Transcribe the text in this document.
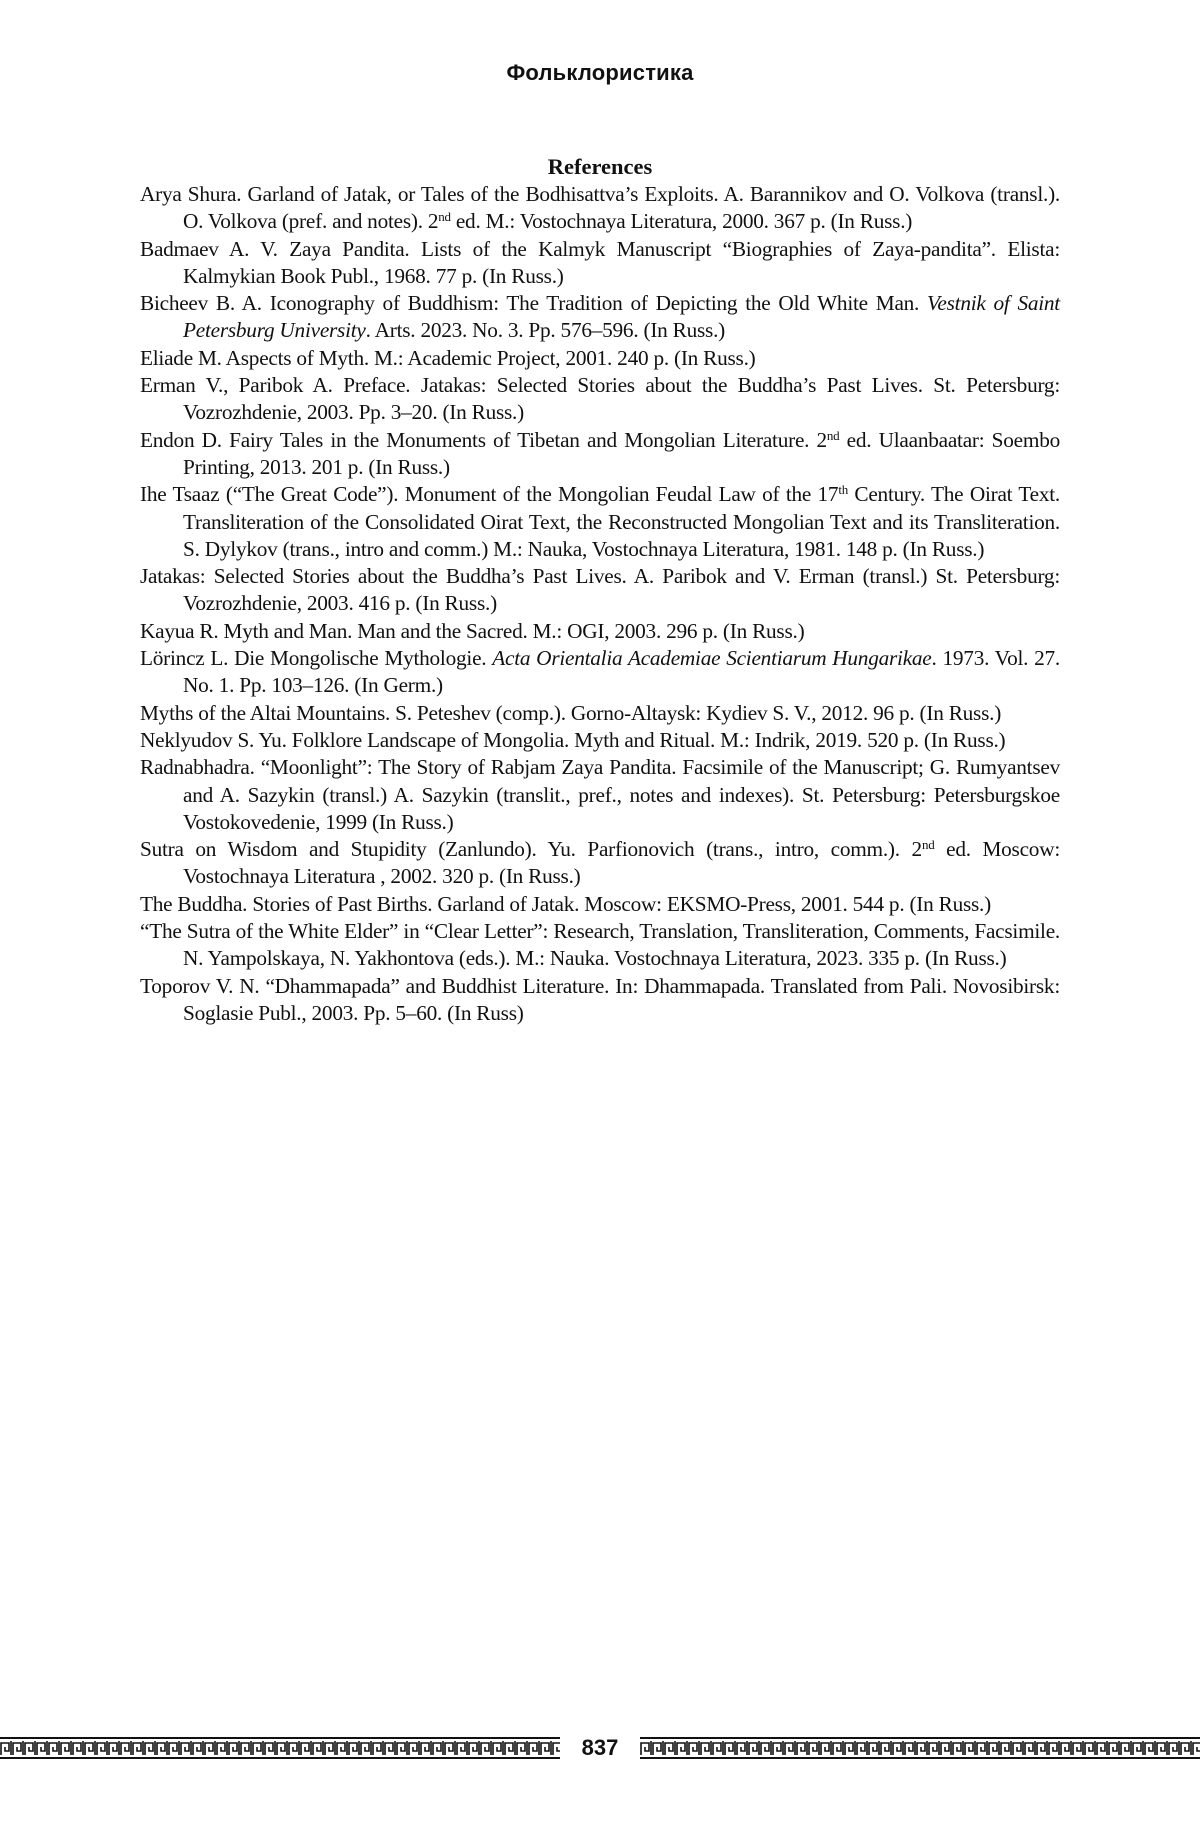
Фольклористика
References

Arya Shura. Garland of Jatak, or Tales of the Bodhisattva’s Exploits. A. Barannikov and O. Volkova (transl.). O. Volkova (pref. and notes). 2nd ed. M.: Vostochnaya Literatura, 2000. 367 p. (In Russ.)

Badmaev A. V. Zaya Pandita. Lists of the Kalmyk Manuscript “Biographies of Zaya-pandita”. Elista: Kalmykian Book Publ., 1968. 77 p. (In Russ.)

Bicheev B. A. Iconography of Buddhism: The Tradition of Depicting the Old White Man. Vestnik of Saint Petersburg University. Arts. 2023. No. 3. Pp. 576–596. (In Russ.)

Eliade M. Aspects of Myth. M.: Academic Project, 2001. 240 p. (In Russ.)

Erman V., Paribok A. Preface. Jatakas: Selected Stories about the Buddha’s Past Lives. St. Petersburg: Vozrozhdenie, 2003. Pp. 3–20. (In Russ.)

Endon D. Fairy Tales in the Monuments of Tibetan and Mongolian Literature. 2nd ed. Ulaanbaatar: Soembo Printing, 2013. 201 p. (In Russ.)

Ihe Tsaaz (“The Great Code”). Monument of the Mongolian Feudal Law of the 17th Century. The Oirat Text. Transliteration of the Consolidated Oirat Text, the Reconstructed Mongolian Text and its Transliteration. S. Dylykov (trans., intro and comm.) M.: Nauka, Vostochnaya Literatura, 1981. 148 p. (In Russ.)

Jatakas: Selected Stories about the Buddha’s Past Lives. A. Paribok and V. Erman (transl.) St. Petersburg: Vozrozhdenie, 2003. 416 p. (In Russ.)

Kayua R. Myth and Man. Man and the Sacred. M.: OGI, 2003. 296 p. (In Russ.)

Lörincz L. Die Mongolische Mythologie. Acta Orientalia Academiae Scientiarum Hungarikae. 1973. Vol. 27. No. 1. Pp. 103–126. (In Germ.)

Myths of the Altai Mountains. S. Peteshev (comp.). Gorno-Altaysk: Kydiev S. V., 2012. 96 p. (In Russ.)

Neklyudov S. Yu. Folklore Landscape of Mongolia. Myth and Ritual. M.: Indrik, 2019. 520 p. (In Russ.)

Radnabhadra. “Moonlight”: The Story of Rabjam Zaya Pandita. Facsimile of the Manuscript; G. Rumyantsev and A. Sazykin (transl.) A. Sazykin (translit., pref., notes and indexes). St. Petersburg: Petersburgskoe Vostokovedenie, 1999 (In Russ.)

Sutra on Wisdom and Stupidity (Zanlundo). Yu. Parfionovich (trans., intro, comm.). 2nd ed. Moscow: Vostochnaya Literatura , 2002. 320 p. (In Russ.)

The Buddha. Stories of Past Births. Garland of Jatak. Moscow: EKSMO-Press, 2001. 544 p. (In Russ.)

“The Sutra of the White Elder” in “Clear Letter”: Research, Translation, Transliteration, Comments, Facsimile. N. Yampolskaya, N. Yakhontova (eds.). M.: Nauka. Vostochnaya Literatura, 2023. 335 p. (In Russ.)

Toporov V. N. “Dhammapada” and Buddhist Literature. In: Dhammapada. Translated from Pali. Novosibirsk: Soglasie Publ., 2003. Pp. 5–60. (In Russ)

837
